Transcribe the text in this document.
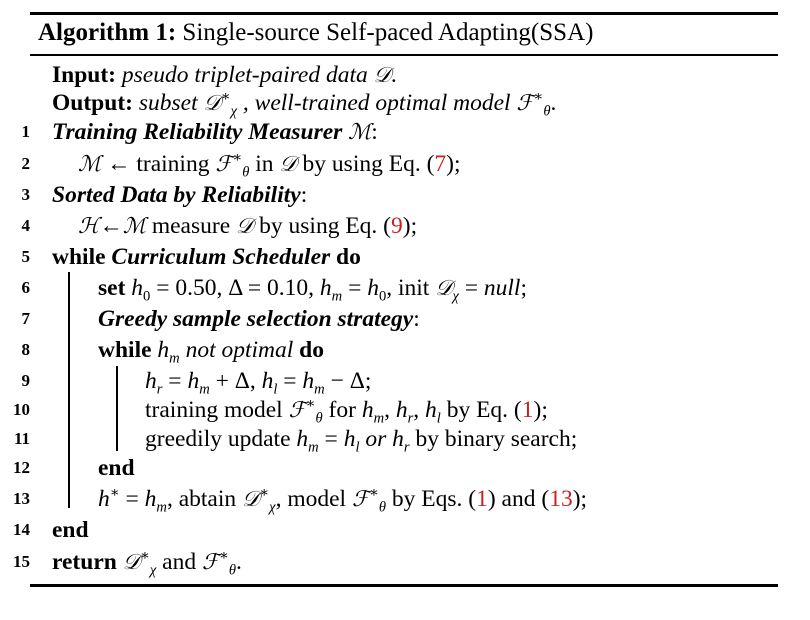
Algorithm 1: Single-source Self-paced Adapting(SSA)
Input: pseudo triplet-paired data 𝒟.
Output: subset 𝒟∗$_\chi$ , well-trained optimal model ℱ∗$_\theta$.
1 Training Reliability Measurer ℳ:
2 ℳ ← training ℱ∗$_\theta$ in 𝒟 by using Eq. (7);
3 Sorted Data by Reliability:
4 ℋ←ℳ measure 𝒟 by using Eq. (9);
5 while Curriculum Scheduler do
6	set $h_0 = 0.50$, Δ = 0.10, $h_m = h_0$, init 𝒟$_\chi$ = null;
7	Greedy sample selection strategy:
8	while $h_m$ not optimal do
9	$h_r = h_m + \Delta$, $h_l = h_m - \Delta$;
10	training model ℱ∗$_\theta$ for $h_m$, $h_r$, $h_l$ by Eq. (1);
11	greedily update $h_m = h_l$ or $h_r$ by binary search;
12	end
13	$h^∗ = h_m$, abtain 𝒟∗$_\chi$, model ℱ∗$_\theta$ by Eqs. (1) and (13);
14 end
15 return 𝒟∗$_\chi$ and ℱ∗$_\theta$.
